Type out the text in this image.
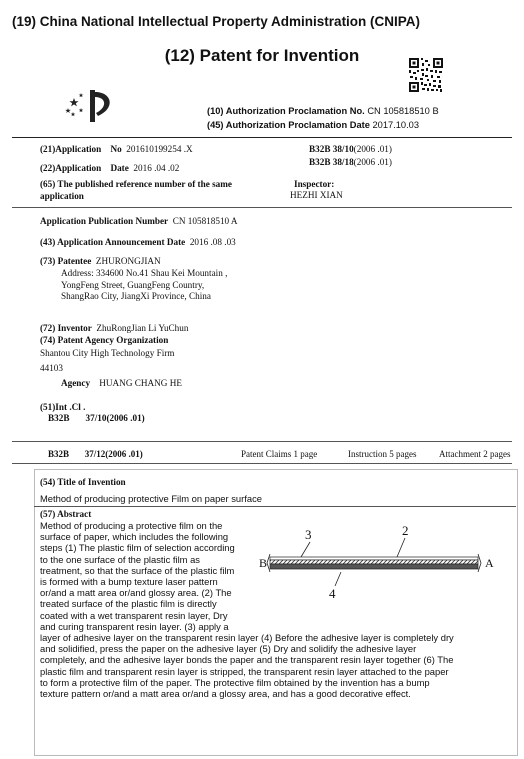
(19) China National Intellectual Property Administration (CNIPA)
(12) Patent for Invention
(10) Authorization Proclamation No. CN 105818510 B
(45) Authorization Proclamation Date 2017.10.03
(21)Application No 201610199254 .X
(22)Application Date 2016 .04 .02
(65) The published reference number of the same application
B32B 38/10(2006 .01)
B32B 38/18(2006 .01)
Inspector:
HEZHI XIAN
Application Publication Number CN 105818510 A
(43) Application Announcement Date 2016 .08 .03
(73) Patentee ZHURONGJIAN
Address: 334600 No.41 Shau Kei Mountain ,
YongFeng Street, GuangFeng Country,
ShangRao City, JiangXi Province, China
(72) Inventor ZhuRongJian Li YuChun
(74) Patent Agency Organization
Shantou City High Technology Firm
44103
Agency HUANG CHANG HE
(51)Int .Cl .
B32B 37/10(2006 .01)
B32B 37/12(2006 .01)	Patent Claims 1 page	Instruction 5 pages	Attachment 2 pages
(54) Title of Invention
Method of producing protective Film on paper surface
(57) Abstract
Method of producing a protective film on the
surface of paper, which includes the following
steps (1) The plastic film of selection according
to the one surface of the plastic film as
treatment, so that the surface of the plastic film
is formed with a bump texture laser pattern
or/and a matt area or/and glossy area. (2) The
treated surface of the plastic film is directly
coated with a wet transparent resin layer, Dry
and curing transparent resin layer. (3) apply a
layer of adhesive layer on the transparent resin layer (4) Before the adhesive layer is completely dry
and solidified, press the paper on the adhesive layer (5) Dry and solidify the adhesive layer
completely, and the adhesive layer bonds the paper and the transparent resin layer together (6) The
plastic film and transparent resin layer is stripped, the transparent resin layer attached to the paper
to form a protective film of the paper. The protective film obtained by the invention has a bump
texture pattern or/and a matt area or/and a glossy area, and has a good decorative effect.
3	2
B	A
4
